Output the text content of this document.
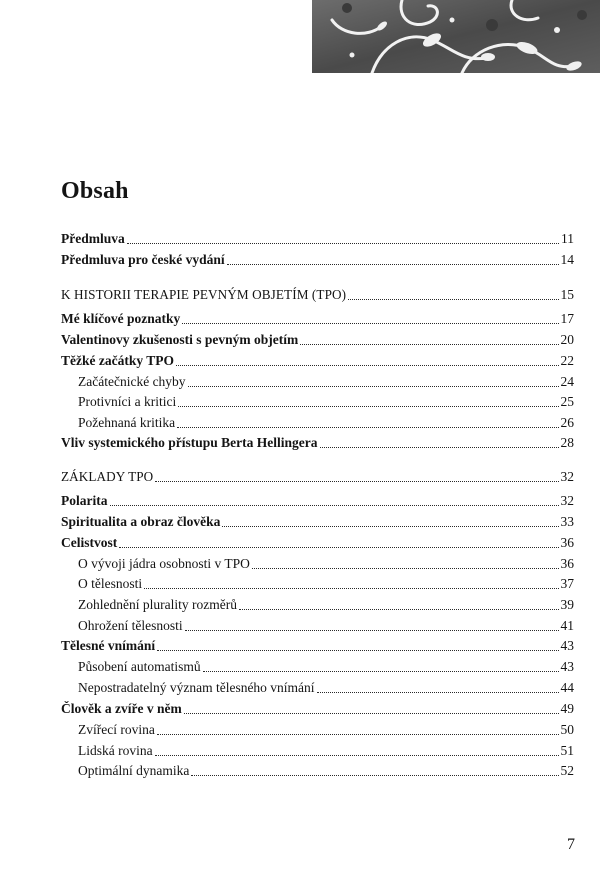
Obsah
Předmluva	11
Předmluva pro české vydání	14
K HISTORII TERAPIE PEVNÝM OBJETÍM (TPO)	15
Mé klíčové poznatky	17
Valentinovy zkušenosti s pevným objetím	20
Těžké začátky TPO	22
Začátečnické chyby	24
Protivníci a kritici	25
Požehnaná kritika	26
Vliv systemického přístupu Berta Hellingera	28
ZÁKLADY TPO	32
Polarita	32
Spiritualita a obraz člověka	33
Celistvost	36
O vývoji jádra osobnosti v TPO	36
O tělesnosti	37
Zohlednění plurality rozměrů	39
Ohrožení tělesnosti	41
Tělesné vnímání	43
Působení automatismů	43
Nepostradatelný význam tělesného vnímání	44
Člověk a zvíře v něm	49
Zvířecí rovina	50
Lidská rovina	51
Optimální dynamika	52
7
